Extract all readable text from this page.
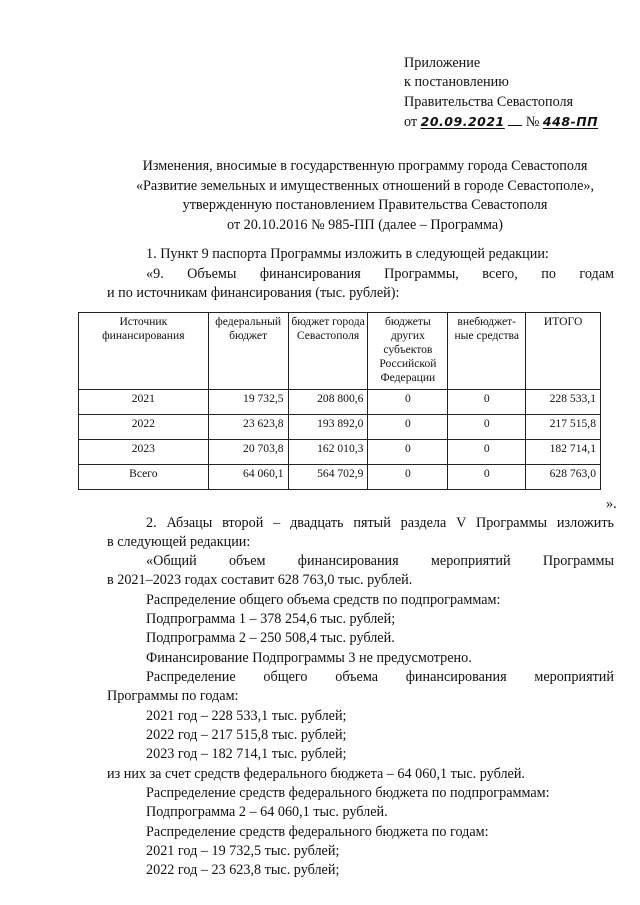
Приложение
к постановлению
Правительства Севастополя
от 20.09.2021 № 448-ПП
Изменения, вносимые в государственную программу города Севастополя
«Развитие земельных и имущественных отношений в городе Севастополе»,
утвержденную постановлением Правительства Севастополя
от 20.10.2016 № 985-ПП (далее – Программа)
1. Пункт 9 паспорта Программы изложить в следующей редакции:
«9. Объемы финансирования Программы, всего, по годам
и по источникам финансирования (тыс. рублей):
Источник финансирования	федеральный бюджет	бюджет города Севастополя	бюджеты других субъектов Российской Федерации	внебюджет-ные средства	ИТОГО
2021	19 732,5	208 800,6	0	0	228 533,1
2022	23 623,8	193 892,0	0	0	217 515,8
2023	20 703,8	162 010,3	0	0	182 714,1
Всего	64 060,1	564 702,9	0	0	628 763,0
».
2. Абзацы второй – двадцать пятый раздела V Программы изложить
в следующей редакции:
«Общий объем финансирования мероприятий Программы
в 2021–2023 годах составит 628 763,0 тыс. рублей.
Распределение общего объема средств по подпрограммам:
Подпрограмма 1 – 378 254,6 тыс. рублей;
Подпрограмма 2 – 250 508,4 тыс. рублей.
Финансирование Подпрограммы 3 не предусмотрено.
Распределение общего объема финансирования мероприятий
Программы по годам:
2021 год – 228 533,1 тыс. рублей;
2022 год – 217 515,8 тыс. рублей;
2023 год – 182 714,1 тыс. рублей;
из них за счет средств федерального бюджета – 64 060,1 тыс. рублей.
Распределение средств федерального бюджета по подпрограммам:
Подпрограмма 2 – 64 060,1 тыс. рублей.
Распределение средств федерального бюджета по годам:
2021 год – 19 732,5 тыс. рублей;
2022 год – 23 623,8 тыс. рублей;
